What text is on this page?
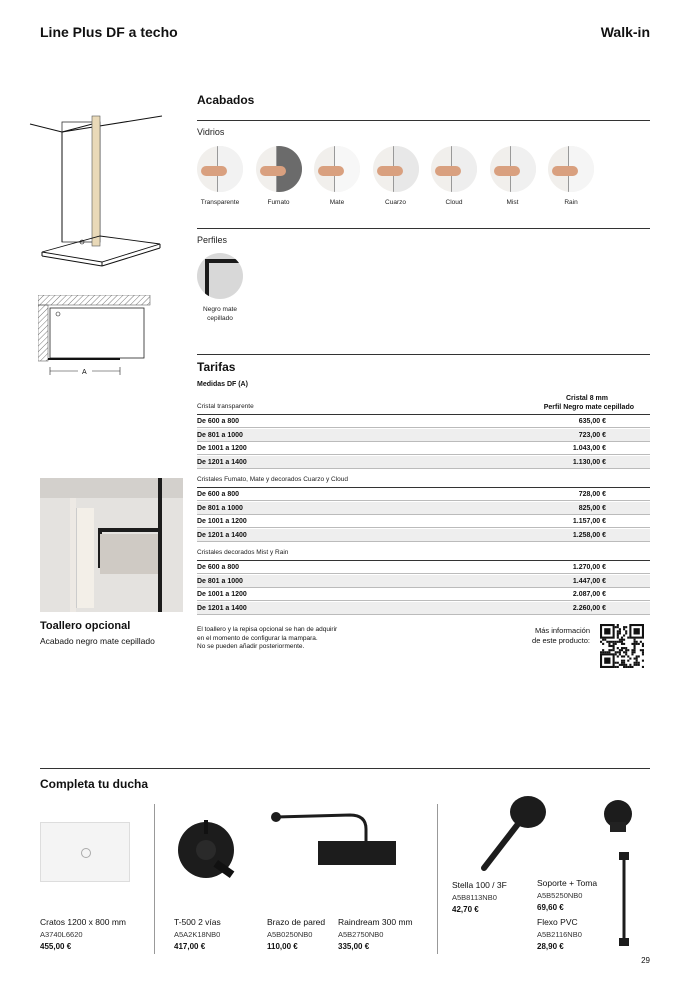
Line Plus DF a techo	Walk-in
A
Acabados
Vidrios
Transparente	Fumato	Mate	Cuarzo	Cloud	Mist	Rain
Perfiles
Negro mate
cepillado
Tarifas
Medidas DF (A)
Cristal 8 mm
Perfil Negro mate cepillado
Cristal transparente
De 600 a 800	635,00 €
De 801 a 1000	723,00 €
De 1001 a 1200	1.043,00 €
De 1201 a 1400	1.130,00 €
Cristales Fumato, Mate y decorados Cuarzo y Cloud
De 600 a 800	728,00 €
De 801 a 1000	825,00 €
De 1001 a 1200	1.157,00 €
De 1201 a 1400	1.258,00 €
Cristales decorados Mist y Rain
De 600 a 800	1.270,00 €
De 801 a 1000	1.447,00 €
De 1001 a 1200	2.087,00 €
De 1201 a 1400	2.260,00 €
Toallero opcional
Acabado negro mate cepillado
El toallero y la repisa opcional se han de adquirir
en el momento de configurar la mampara.
No se pueden añadir posteriormente.
Más información
de este producto:
Completa tu ducha
Cratos 1200 x 800 mm
A3740L6620
455,00 €
T-500 2 vías
A5A2K18NB0
417,00 €
Brazo de pared
A5B0250NB0
110,00 €
Raindream 300 mm
A5B2750NB0
335,00 €
Stella 100 / 3F
A5B8113NB0
42,70 €
Soporte + Toma
A5B5250NB0
69,60 €
Flexo PVC
A5B2116NB0
28,90 €
29
